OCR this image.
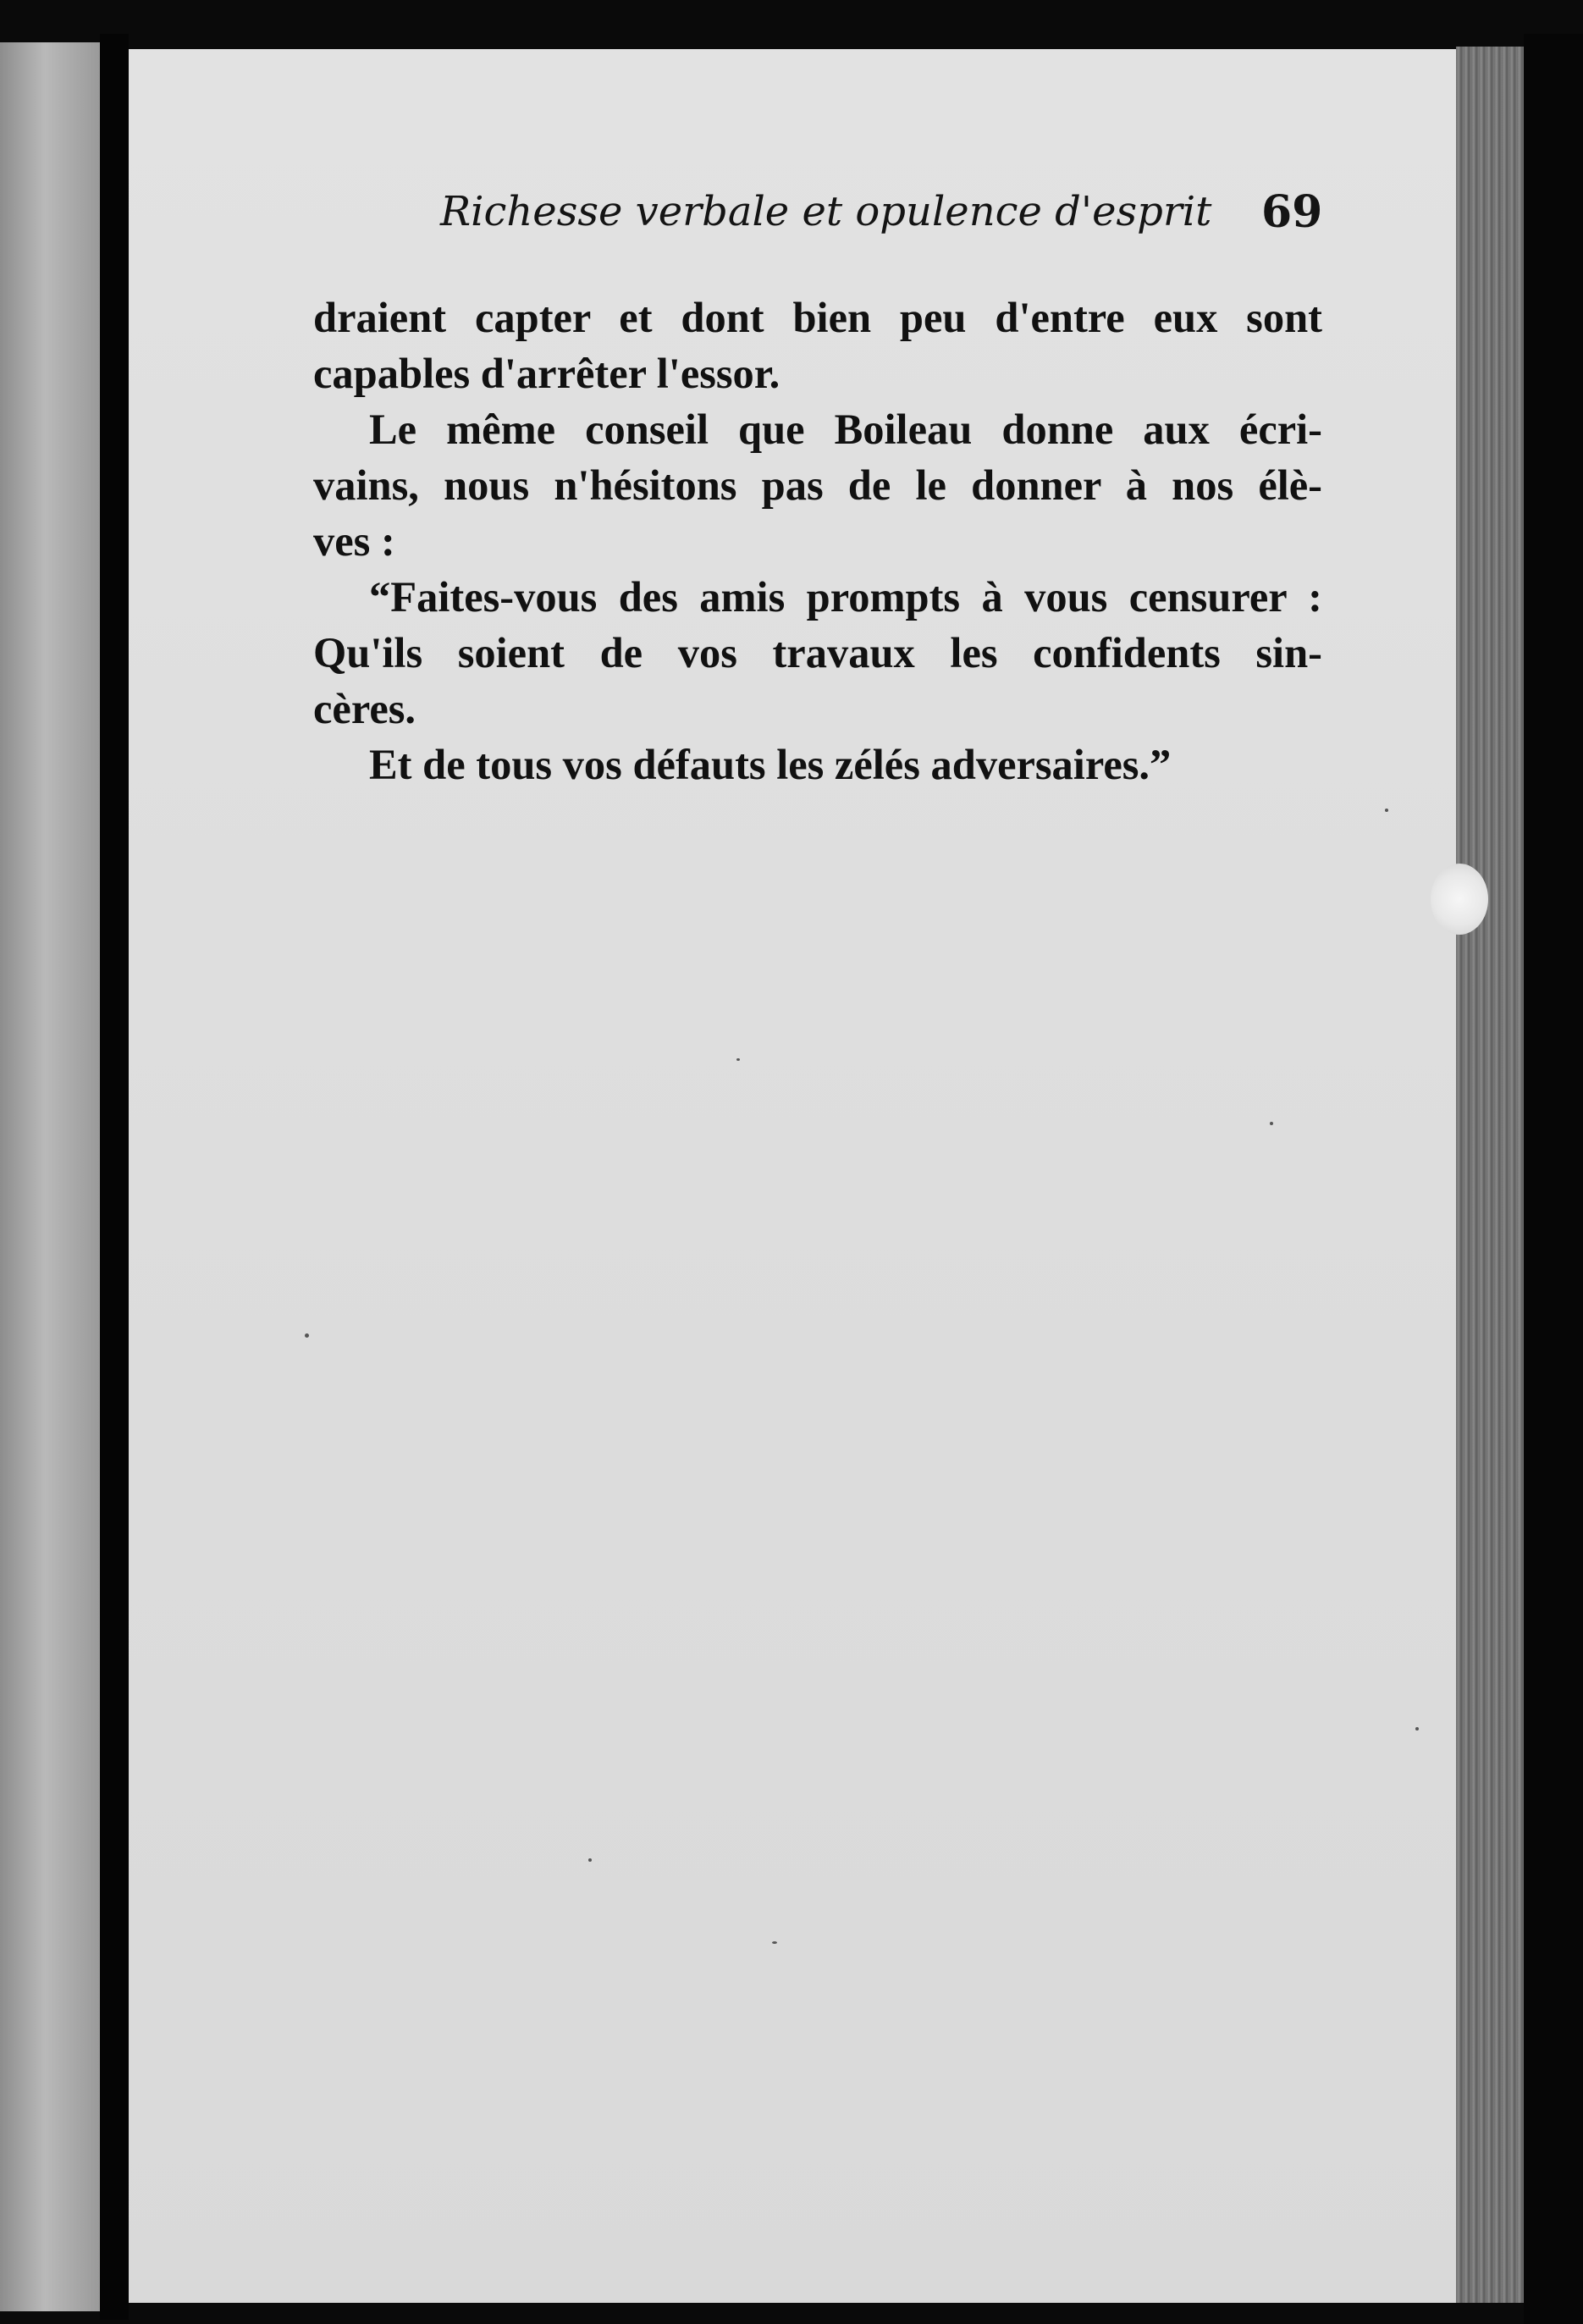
Richesse verbale et opulence d'esprit 69
draient capter et dont bien peu d'entre eux sont
capables d'arrêter l'essor.
Le même conseil que Boileau donne aux écri-
vains, nous n'hésitons pas de le donner à nos élè-
ves :
“Faites-vous des amis prompts à vous censurer :
Qu'ils soient de vos travaux les confidents sin-
cères.
Et de tous vos défauts les zélés adversaires.”
